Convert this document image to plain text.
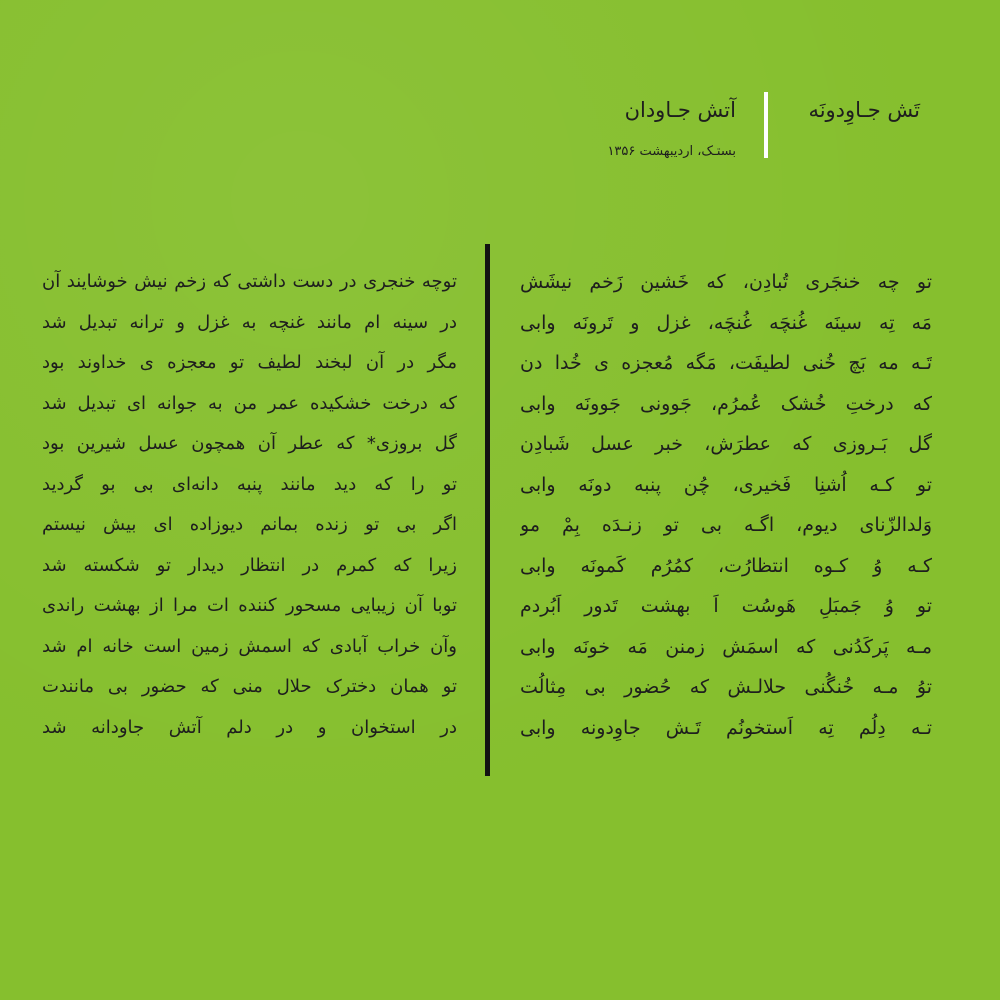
تَش جـاوِدونَه
آتش جـاودان
بستـک، اردیبهشت ۱۳۵۶
تو چه خنجَری تُبادِن، که خَشین زَخم نیشَش
مَه تِه سینَه غُنچَه غُنچَه، غزل و تَرونَه وابی
تَـه مه بَچ خُنی لطیفَت، مَگه مُعجزه ی خُدا دن
که درختِ خُشک عُمرُم، جَوونی جَوونَه وابی
گل بَـروزی که عطرَش، خبر عسل شَبادِن
تو کـه اُشنِا فَخیری، چُن پنبه دونَه وابی
وَلدالزّنای دیوم، اگـه بی تو زنـدَه بِمْ مو
کـه وُ کـوه انتظارُت، کمُرُم کَمونَه وابی
تو وُ جَمبَلِ هَوسُت اَ بهشت تَدور اَبُردم
مـه پَرکَدُنی که اسمَش زمنن مَه خونَه وابی
توُ مـه خُنگُنی حلالـش که حُضور بی مِثالُت
تـه دِلُم تِه اَستخونُم تَـش جاوِدونه وابی
توچه خنجری در دست داشتی که زخم نیش خوشایند آن
در سینه ام مانند غنچه به غزل و ترانه تبدیل شد
مگر در آن لبخند لطیف تو معجزه ی خداوند بود
که درخت خشکیده عمر من به جوانه ای تبدیل شد
گل بروزی* که عطر آن همچون عسل شیرین بود
تو را که دید مانند پنبه دانه‌ای بی بو گردید
اگر بی تو زنده بمانم دیوزاده ای بیش نیستم
زیرا که کمرم در انتظار دیدار تو شکسته شد
توبا آن زیبایی مسحور کننده ات مرا از بهشت راندی
وآن خراب آبادی که اسمش زمین است خانه ام شد
تو همان دخترک حلال منی که حضور بی مانندت
در استخوان و در دلم آتش جاودانه شد
